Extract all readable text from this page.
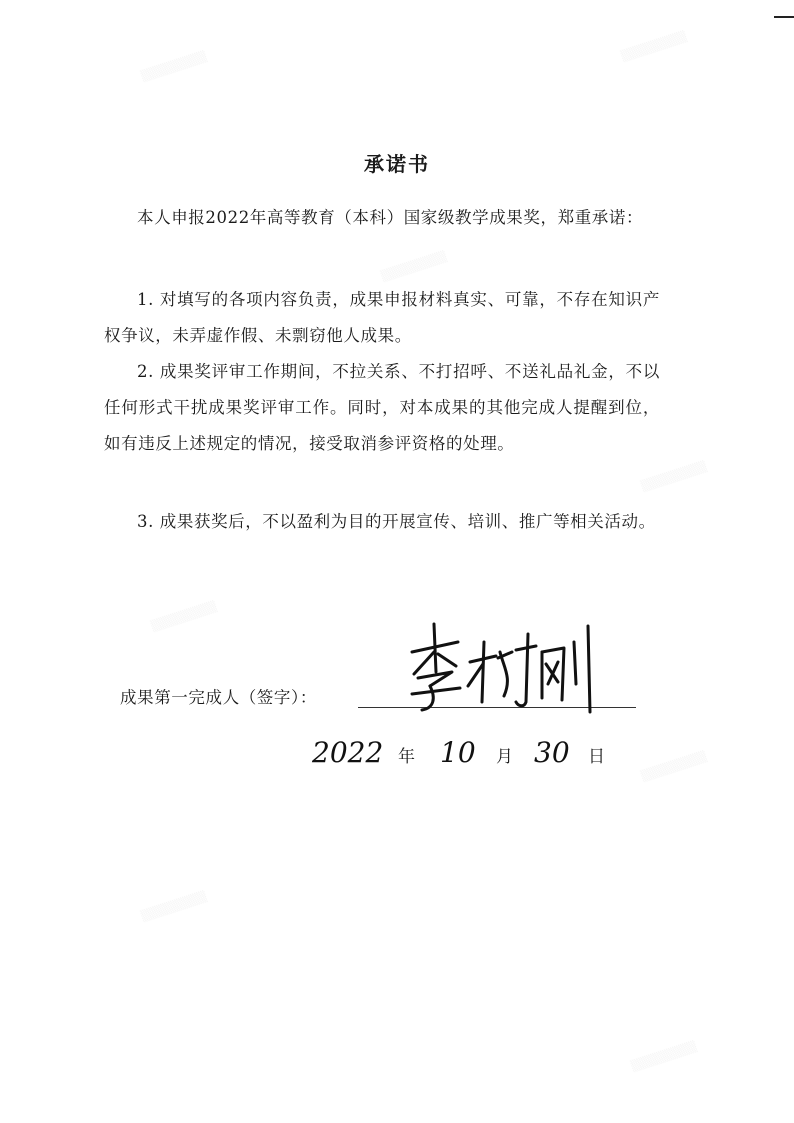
▒▒▒▒▒▒▒▒
▒▒▒▒▒▒▒▒
▒▒▒▒▒▒▒▒
▒▒▒▒▒▒▒▒
▒▒▒▒▒▒▒▒
▒▒▒▒▒▒▒▒
▒▒▒▒▒▒▒▒
▒▒▒▒▒▒▒▒
承诺书
本人申报2022年高等教育（本科）国家级教学成果奖，郑重承诺：
1. 对填写的各项内容负责，成果申报材料真实、可靠，不存在知识产权争议，未弄虚作假、未剽窃他人成果。
2. 成果奖评审工作期间，不拉关系、不打招呼、不送礼品礼金，不以任何形式干扰成果奖评审工作。同时，对本成果的其他完成人提醒到位，如有违反上述规定的情况，接受取消参评资格的处理。
3. 成果获奖后，不以盈利为目的开展宣传、培训、推广等相关活动。
成果第一完成人（签字）：
2022 年 10 月 30 日
